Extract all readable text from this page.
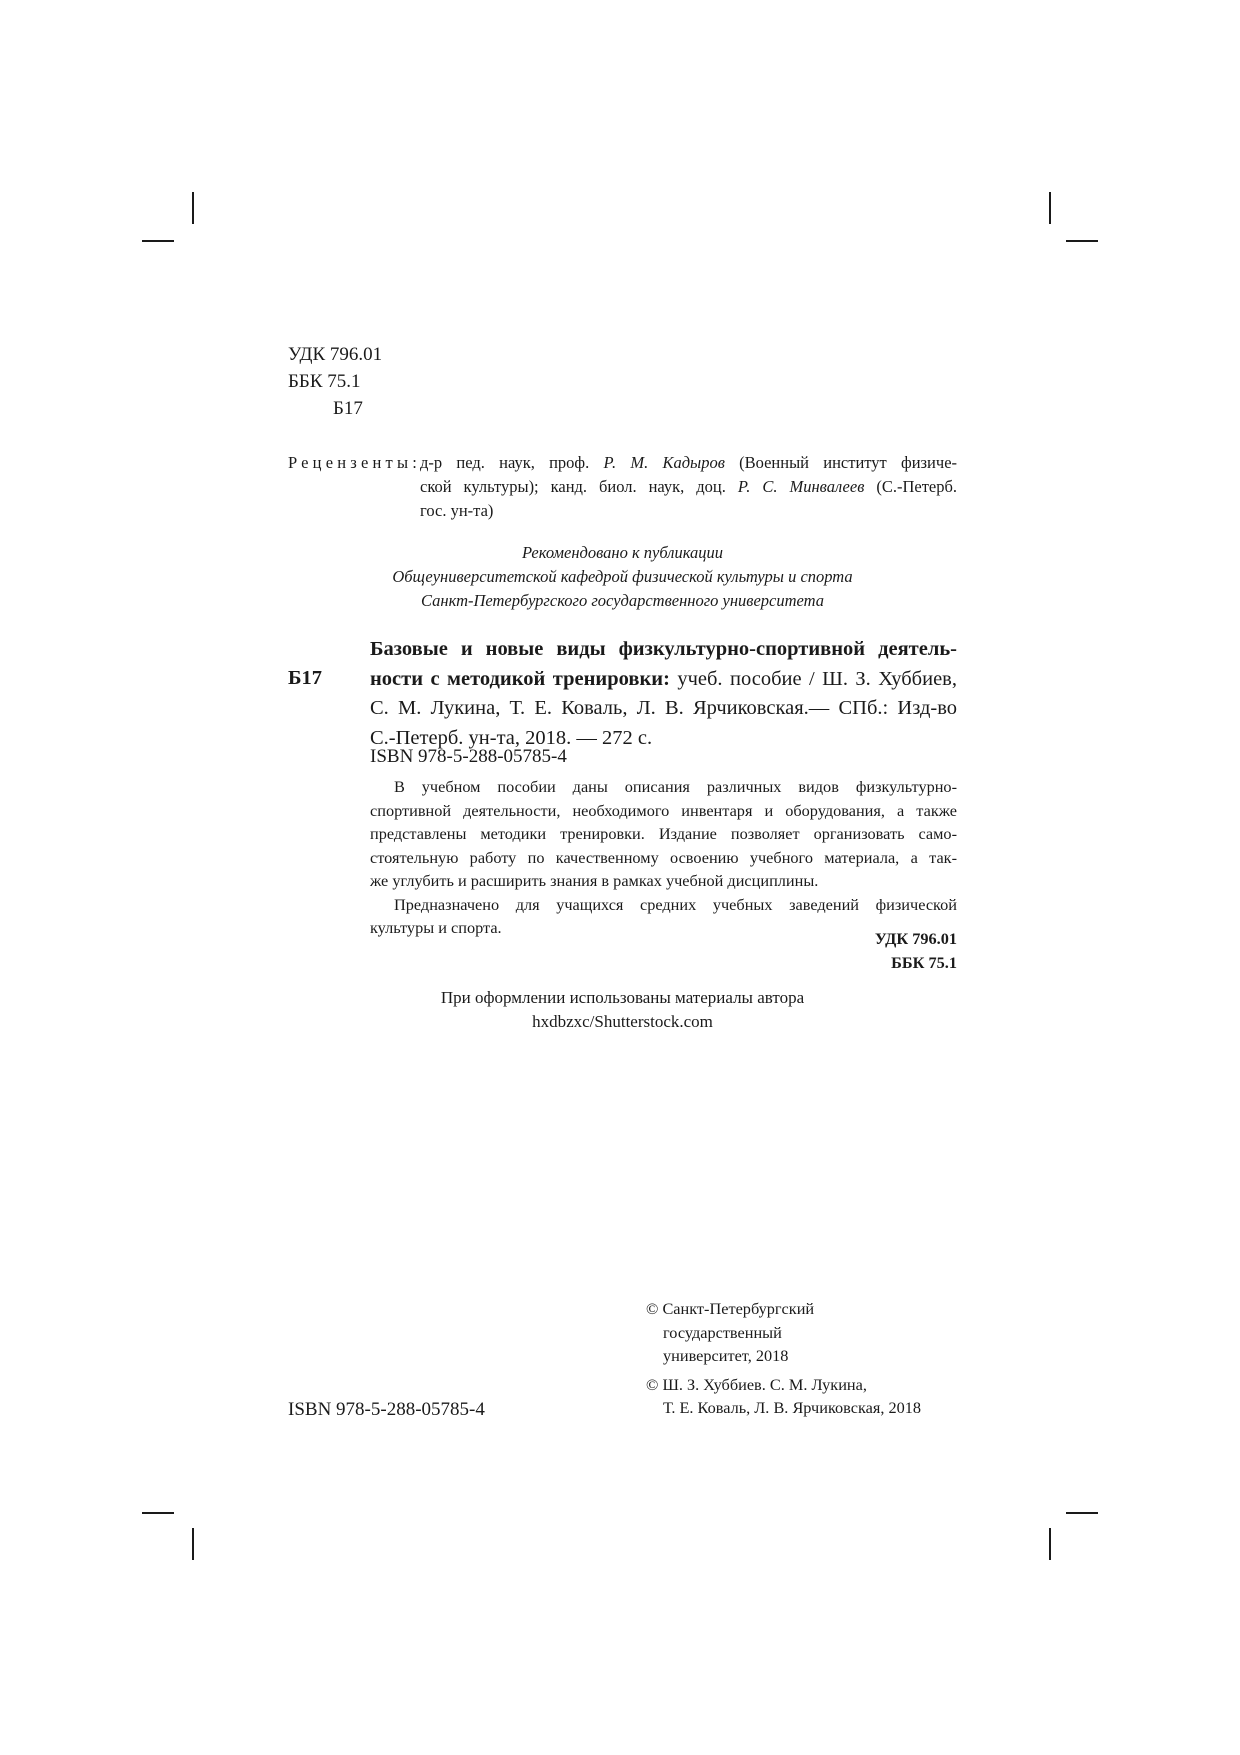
УДК 796.01
ББК 75.1
Б17
Рецензенты:
д-р пед. наук, проф. Р. М. Кадыров (Военный институт физиче-
ской культуры); канд. биол. наук, доц. Р. С. Минвалеев (С.-Петерб.
гос. ун-та)
Рекомендовано к публикации
Общеуниверситетской кафедрой физической культуры и спорта
Санкт-Петербургского государственного университета
Б17
Базовые и новые виды физкультурно-спортивной деятель-
ности с методикой тренировки: учеб. пособие / Ш. З. Хуббиев,
С. М. Лукина, Т. Е. Коваль, Л. В. Ярчиковская.— СПб.: Изд-во
С.-Петерб. ун-та, 2018. — 272 с.
ISBN 978-5-288-05785-4
В учебном пособии даны описания различных видов физкультурно-
спортивной деятельности, необходимого инвентаря и оборудования, а также
представлены методики тренировки. Издание позволяет организовать само-
стоятельную работу по качественному освоению учебного материала, а так-
же углубить и расширить знания в рамках учебной дисциплины.
Предназначено для учащихся средних учебных заведений физической
культуры и спорта.
УДК 796.01
ББК 75.1
При оформлении использованы материалы автора
hxdbzxc/Shutterstock.com
ISBN 978-5-288-05785-4
© Санкт-Петербургский
государственный
университет, 2018
© Ш. З. Хуббиев. С. М. Лукина,
Т. Е. Коваль, Л. В. Ярчиковская, 2018
